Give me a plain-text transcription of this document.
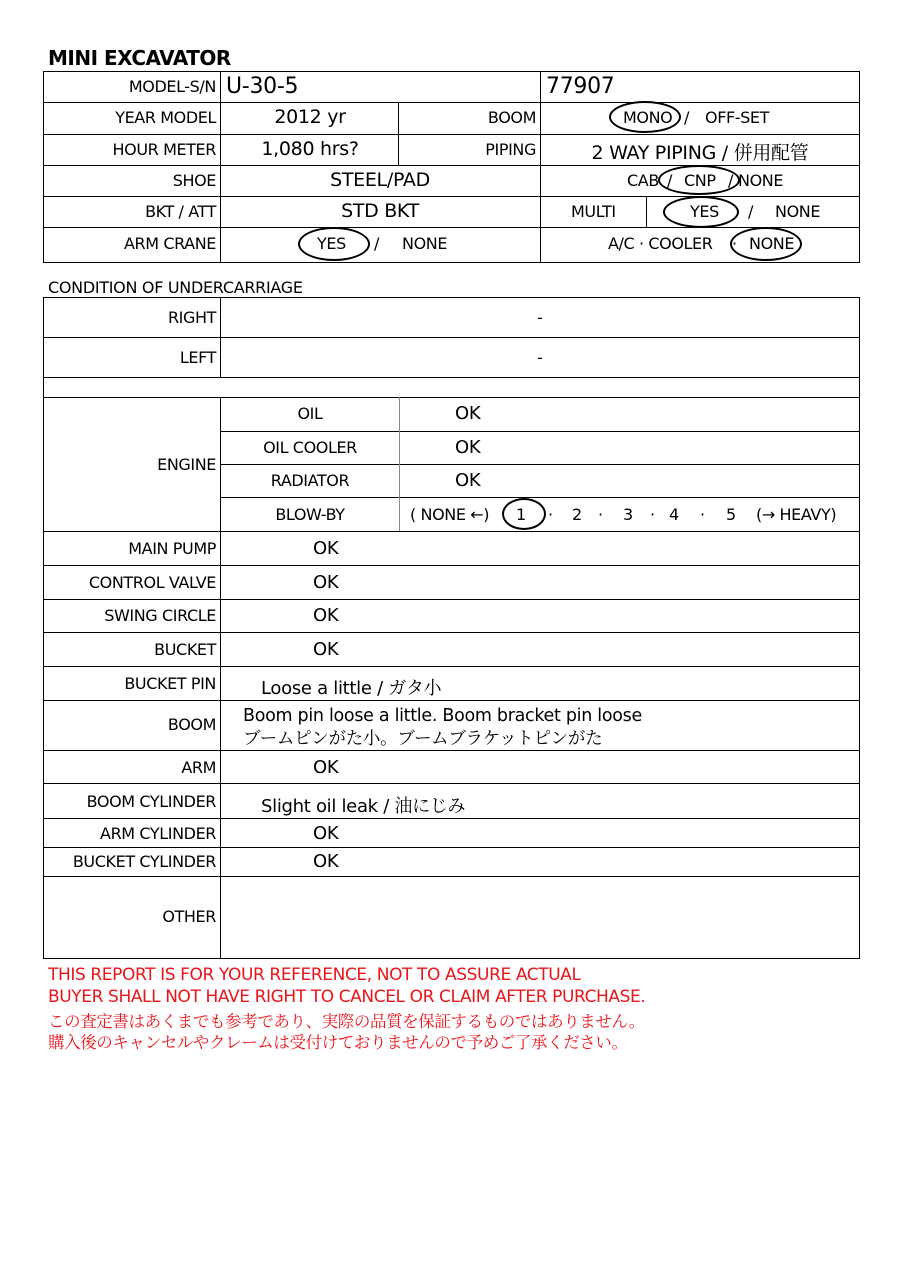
MINI EXCAVATOR
MODEL-S/N U-30-5	77907
YEAR MODEL	2012 yr	BOOM	MONO / OFF-SET
HOUR METER	1,080 hrs?	PIPING	2 WAY PIPING / 併用配管
SHOE	STEEL/PAD	CAB / CNP / NONE
BKT / ATT	STD BKT	MULTI	YES / NONE
ARM CRANE	YES / NONE	A/C · COOLER · NONE
CONDITION OF UNDERCARRIAGE
RIGHT	-
LEFT	-
ENGINE
OIL	OK
OIL COOLER	OK
RADIATOR	OK
BLOW-BY	( NONE ←) 1 · 2 · 3 · 4 · 5 (→ HEAVY)
MAIN PUMP	OK
CONTROL VALVE	OK
SWING CIRCLE	OK
BUCKET	OK
BUCKET PIN	Loose a little / ガタ小
BOOM Boom pin loose a little. Boom bracket pin loose
ブームピンがた小。ブームブラケットピンがた
ARM	OK
BOOM CYLINDER	Slight oil leak / 油にじみ
ARM CYLINDER	OK
BUCKET CYLINDER	OK
OTHER
THIS REPORT IS FOR YOUR REFERENCE, NOT TO ASSURE ACTUAL
BUYER SHALL NOT HAVE RIGHT TO CANCEL OR CLAIM AFTER PURCHASE.
この査定書はあくまでも参考であり、実際の品質を保証するものではありません。
購入後のキャンセルやクレームは受付けておりませんので予めご了承ください。
